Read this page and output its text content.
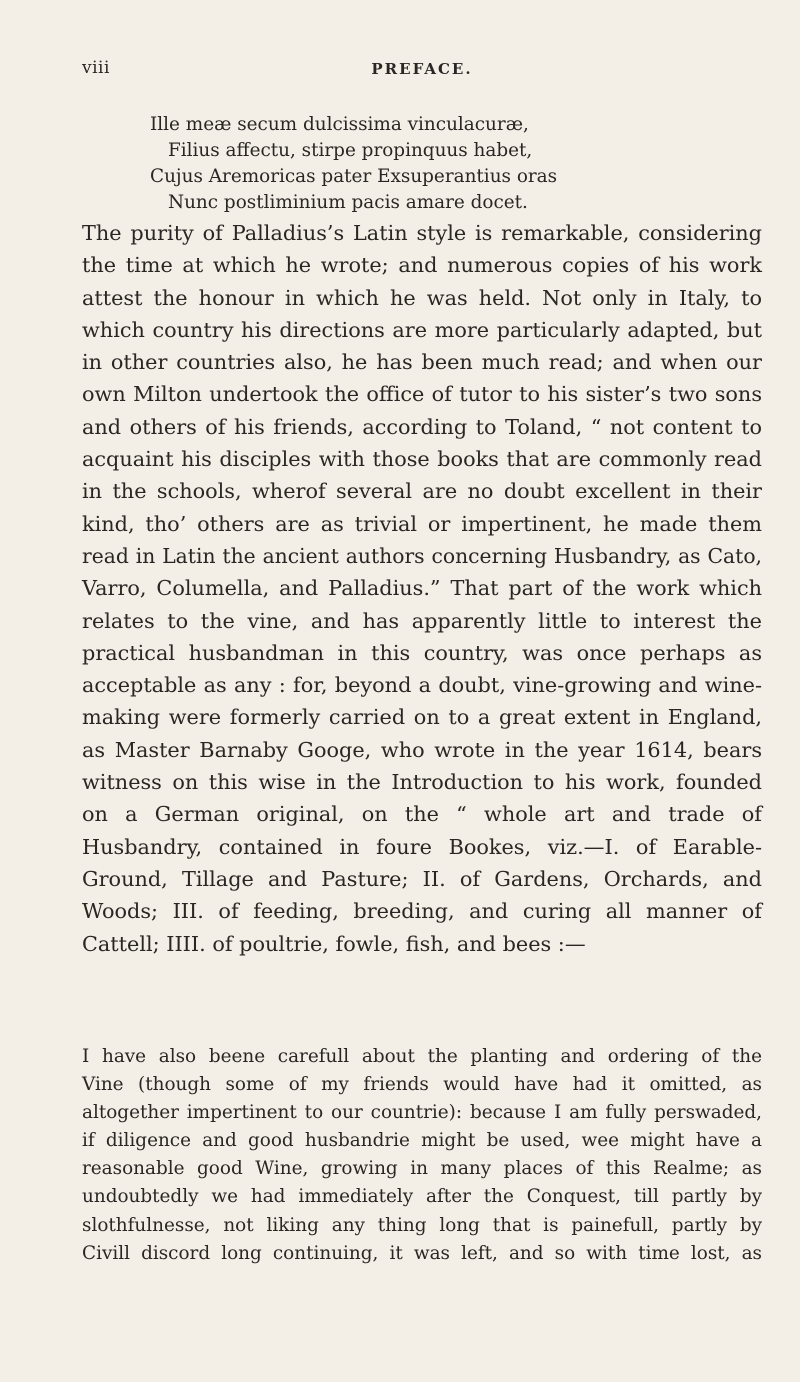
viii	PREFACE.
Ille meæ secum dulcissima vinculacuræ,
Filius affectu, stirpe propinquus habet,
Cujus Aremoricas pater Exsuperantius oras
Nunc postliminium pacis amare docet.
The purity of Palladius’s Latin style is remarkable, considering
the time at which he wrote; and numerous copies of his work
attest the honour in which he was held. Not only in Italy, to
which country his directions are more particularly adapted, but
in other countries also, he has been much read; and when our
own Milton undertook the office of tutor to his sister’s two sons
and others of his friends, according to Toland, “ not content to
acquaint his disciples with those books that are commonly read
in the schools, wherof several are no doubt excellent in their
kind, tho’ others are as trivial or impertinent, he made them
read in Latin the ancient authors concerning Husbandry, as Cato,
Varro, Columella, and Palladius.” That part of the work which
relates to the vine, and has apparently little to interest the
practical husbandman in this country, was once perhaps as
acceptable as any : for, beyond a doubt, vine-growing and wine-
making were formerly carried on to a great extent in England,
as Master Barnaby Googe, who wrote in the year 1614, bears
witness on this wise in the Introduction to his work, founded
on a German original, on the “ whole art and trade of
Husbandry, contained in foure Bookes, viz.—I. of Earable-
Ground, Tillage and Pasture; II. of Gardens, Orchards, and
Woods; III. of feeding, breeding, and curing all manner of
Cattell; IIII. of poultrie, fowle, fish, and bees :—
I have also beene carefull about the planting and ordering of the
Vine (though some of my friends would have had it omitted, as
altogether impertinent to our countrie): because I am fully perswaded,
if diligence and good husbandrie might be used, wee might have a
reasonable good Wine, growing in many places of this Realme; as
undoubtedly we had immediately after the Conquest, till partly by
slothfulnesse, not liking any thing long that is painefull, partly by
Civill discord long continuing, it was left, and so with time lost, as
